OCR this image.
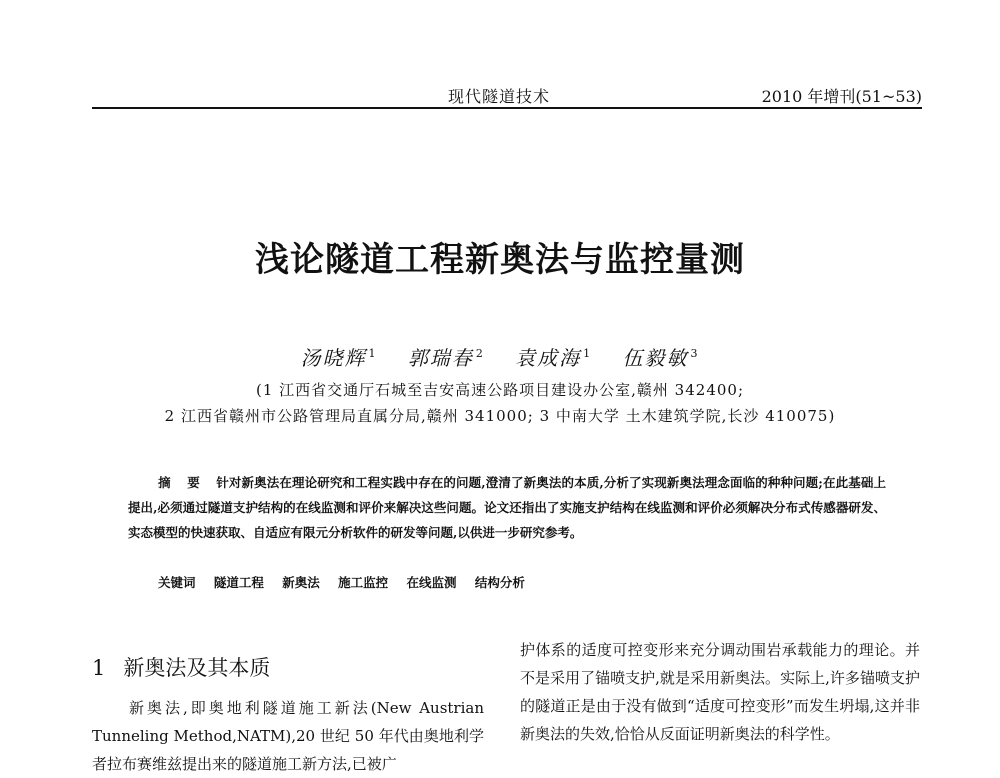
现代隧道技术	2010 年增刊(51~53)
浅论隧道工程新奥法与监控量测
汤晓辉 $^1$ 郭瑞春 $^2$ 袁成海 $^1$ 伍毅敏 $^3$
(1 江西省交通厅石城至吉安高速公路项目建设办公室,赣州 342400;
2 江西省赣州市公路管理局直属分局,赣州 341000; 3 中南大学 土木建筑学院,长沙 410075)
摘 要 针对新奥法在理论研究和工程实践中存在的问题,澄清了新奥法的本质,分析了实现新奥法理念面临的种种问题;在此基础上提出,必须通过隧道支护结构的在线监测和评价来解决这些问题。论文还指出了实施支护结构在线监测和评价必须解决分布式传感器研发、实态模型的快速获取、自适应有限元分析软件的研发等问题,以供进一步研究参考。
关键词 隧道工程 新奥法 施工监控 在线监测 结构分析
1 新奥法及其本质
新奥法,即奥地利隧道施工新法(New Austrian Tunneling Method,NATM),20 世纪 50 年代由奥地利学者拉布赛维兹提出来的隧道施工新方法,已被广
护体系的适度可控变形来充分调动围岩承载能力的理论。并不是采用了锚喷支护,就是采用新奥法。实际上,许多锚喷支护的隧道正是由于没有做到“适度可控变形”而发生坍塌,这并非新奥法的失效,恰恰从反面证明新奥法的科学性。
